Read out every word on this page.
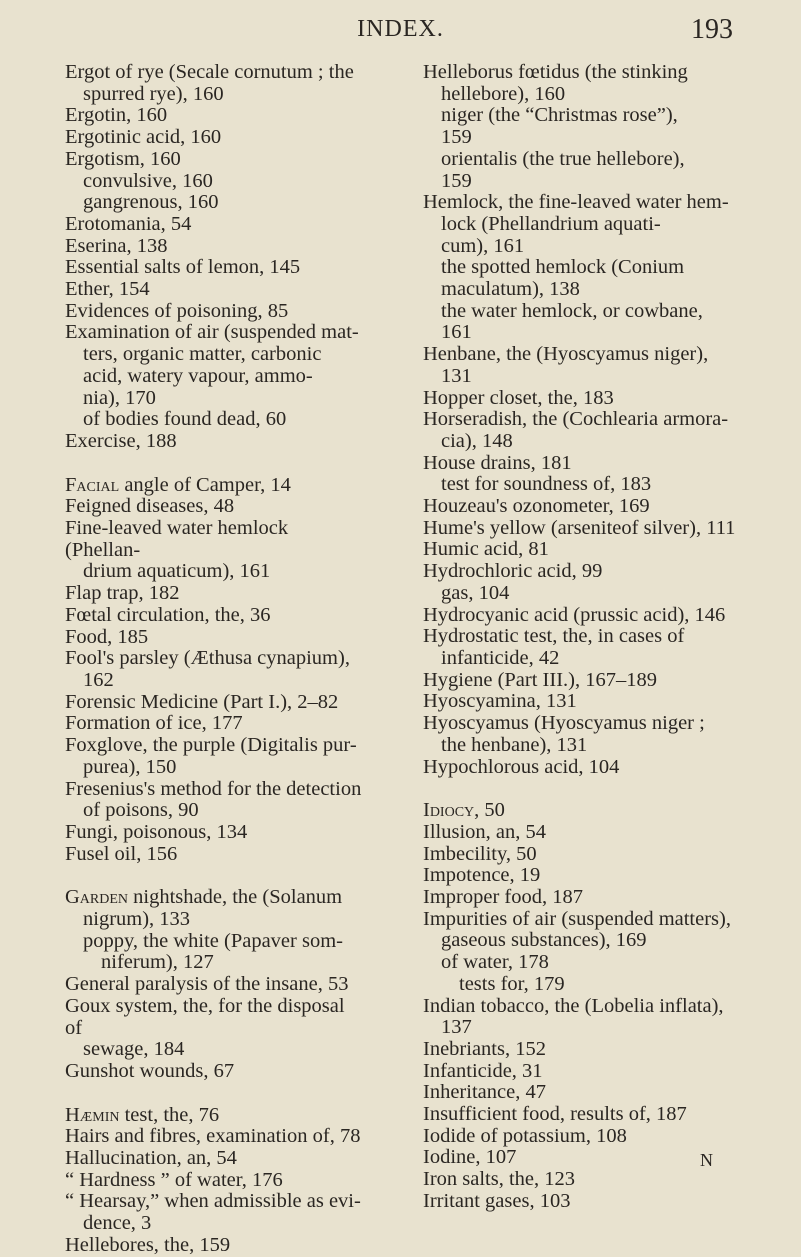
INDEX.	193
Ergot of rye (Secale cornutum ; the
spurred rye), 160
Ergotin, 160
Ergotinic acid, 160
Ergotism, 160
convulsive, 160
gangrenous, 160
Erotomania, 54
Eserina, 138
Essential salts of lemon, 145
Ether, 154
Evidences of poisoning, 85
Examination of air (suspended mat-
ters, organic matter, carbonic
acid, watery vapour, ammo-
nia), 170
of bodies found dead, 60
Exercise, 188
Facial angle of Camper, 14
Feigned diseases, 48
Fine-leaved water hemlock (Phellan-
drium aquaticum), 161
Flap trap, 182
Fœtal circulation, the, 36
Food, 185
Fool's parsley (Æthusa cynapium),
162
Forensic Medicine (Part I.), 2–82
Formation of ice, 177
Foxglove, the purple (Digitalis pur-
purea), 150
Fresenius's method for the detection
of poisons, 90
Fungi, poisonous, 134
Fusel oil, 156
Garden nightshade, the (Solanum
nigrum), 133
poppy, the white (Papaver som-
niferum), 127
General paralysis of the insane, 53
Goux system, the, for the disposal of
sewage, 184
Gunshot wounds, 67
Hæmin test, the, 76
Hairs and fibres, examination of, 78
Hallucination, an, 54
“ Hardness ” of water, 176
“ Hearsay,” when admissible as evi-
dence, 3
Hellebores, the, 159
Helleborus fœtidus (the stinking
hellebore), 160
niger (the “Christmas rose”),
159
orientalis (the true hellebore),
159
Hemlock, the fine-leaved water hem-
lock (Phellandrium aquati-
cum), 161
the spotted hemlock (Conium
maculatum), 138
the water hemlock, or cowbane,
161
Henbane, the (Hyoscyamus niger),
131
Hopper closet, the, 183
Horseradish, the (Cochlearia armora-
cia), 148
House drains, 181
test for soundness of, 183
Houzeau's ozonometer, 169
Hume's yellow (arseniteof silver), 111
Humic acid, 81
Hydrochloric acid, 99
gas, 104
Hydrocyanic acid (prussic acid), 146
Hydrostatic test, the, in cases of
infanticide, 42
Hygiene (Part III.), 167–189
Hyoscyamina, 131
Hyoscyamus (Hyoscyamus niger ;
the henbane), 131
Hypochlorous acid, 104
Idiocy, 50
Illusion, an, 54
Imbecility, 50
Impotence, 19
Improper food, 187
Impurities of air (suspended matters),
gaseous substances), 169
of water, 178
tests for, 179
Indian tobacco, the (Lobelia inflata),
137
Inebriants, 152
Infanticide, 31
Inheritance, 47
Insufficient food, results of, 187
Iodide of potassium, 108
Iodine, 107
Iron salts, the, 123
Irritant gases, 103
N
